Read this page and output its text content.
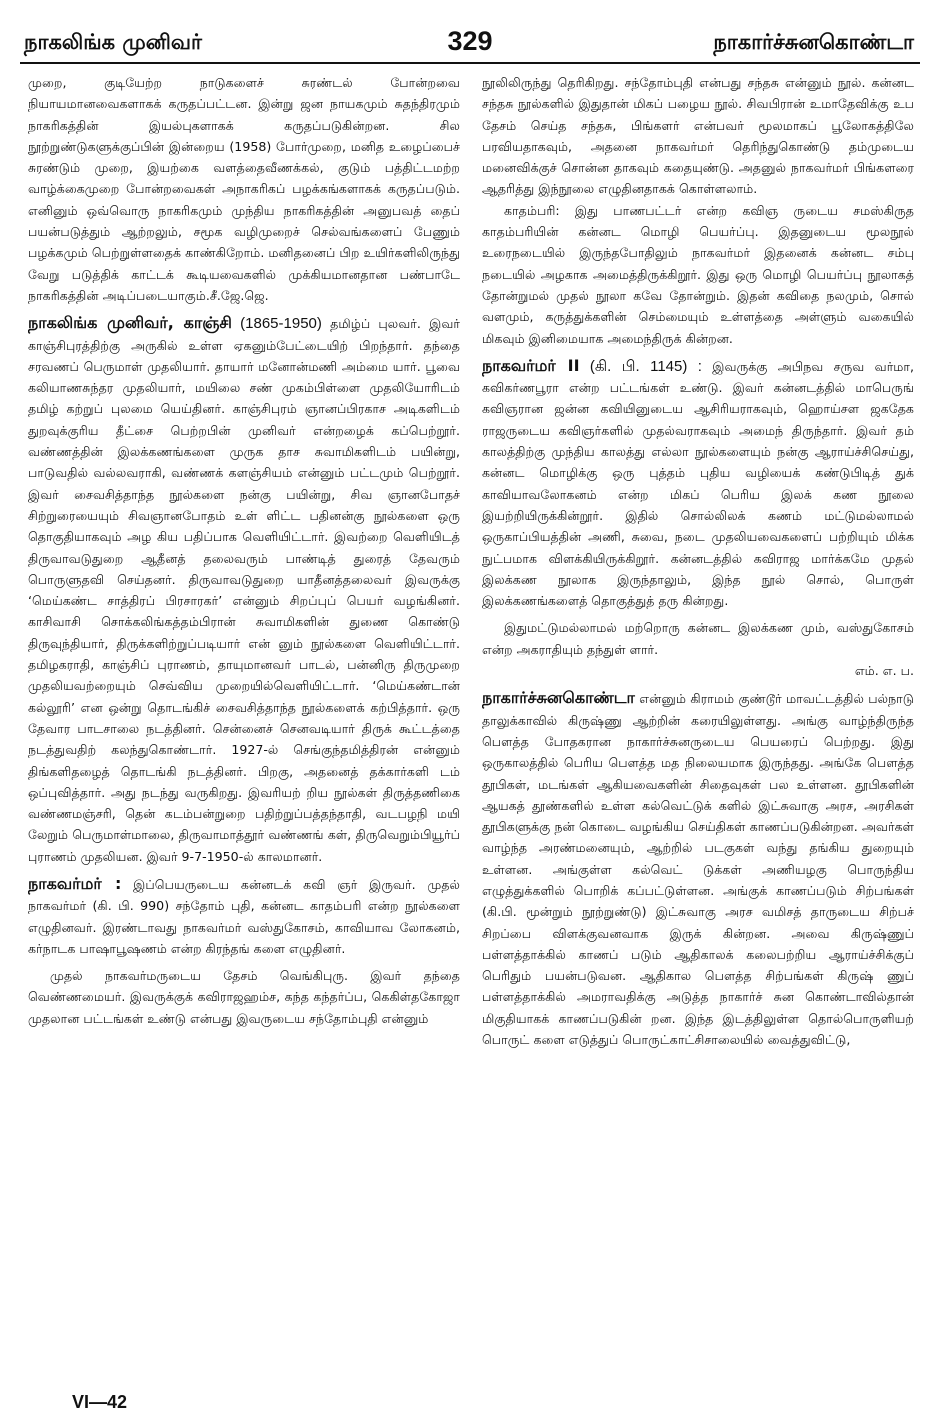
நாகலிங்க முனிவர்	329	நாகார்ச்சுனகொண்டா

முறை, குடியேற்ற நாடுகளைச் சுரண்டல் போன்றவை நியாயமானவைகளாகக் கருதப்பட்டன. இன்று ஜன நாயகமும் சுதந்திரமும் நாகரிகத்தின் இயல்புகளாகக் கருதப்படுகின்றன. சில நூற்றுண்டுகளுக்குப்பின் இன்றைய (1958) போர்முறை, மனித உழைப்பைச் சுரண்டும் முறை, இயற்கை வளத்தைவீணக்கல், குடும் பத்திட்டமற்ற வாழ்க்கைமுறை போன்றவைகள் அநாகரிகப் பழக்கங்களாகக் கருதப்படும். எனினும் ஒவ்வொரு நாகரிகமும் முந்திய நாகரிகத்தின் அனுபவத் தைப் பயன்படுத்தும் ஆற்றலும், சமூக வழிமுறைச் செல்வங்களைப் பேணும் பழக்கமும் பெற்றுள்ளதைக் காண்கிறோம். மனிதனைப் பிற உயிர்களிலிருந்து வேறு படுத்திக் காட்டக் கூடியவைகளில் முக்கியமானதான பண்பாடே நாகரிகத்தின் அடிப்படையாகும்.சீ.ஜே.ஜெ.

நாகலிங்க முனிவர், காஞ்சி (1865-1950) தமிழ்ப் புலவர். இவர் காஞ்சிபுரத்திற்கு அருகில் உள்ள ஏகனும்பேட்டையிற் பிறந்தார். தந்தை சரவணப் பெருமாள் முதலியார். தாயார் மனோன்மணி அம்மை யார். பூவை கலியாணசுந்தர முதலியார், மயிலை சண் முகம்பிள்ளை முதலியோரிடம் தமிழ் கற்றுப் புலமை யெய்தினர். காஞ்சிபுரம் ஞானப்பிரகாச அடிகளிடம் துறவுக்குரிய தீட்சை பெற்றபின் முனிவர் என்றழைக் கப்பெற்றூர். வண்ணத்தின் இலக்கணங்களை முருக தாச சுவாமிகளிடம் பயின்று, பாடுவதில் வல்லவராகி, வண்ணக் களஞ்சியம் என்னும் பட்டமும் பெற்றூர். இவர் சைவசித்தாந்த நூல்களை நன்கு பயின்று, சிவ ஞானபோதச் சிற்றுரையையும் சிவஞானபோதம் உள் ளிட்ட பதினன்கு நூல்களை ஒரு தொகுதியாகவும் அழ கிய பதிப்பாக வெளியிட்டார். இவற்றை வெளியிடத் திருவாவடுதுறை ஆதீனத் தலைவரும் பாண்டித் துரைத் தேவரும் பொருளுதவி செய்தனர். திருவாவடுதுறை யாதீனத்தலைவர் இவருக்கு ‘மெய்கண்ட சாத்திரப் பிரசாரகர்’ என்னும் சிறப்புப் பெயர் வழங்கினர். காசிவாசி சொக்கலிங்கத்தம்பிரான் சுவாமிகளின் துணை கொண்டு திருவுந்தியார், திருக்களிற்றுப்படியார் என் னும் நூல்களை வெளியிட்டார். தமிழகராதி, காஞ்சிப் புராணம், தாயுமானவர் பாடல், பன்னிரு திருமுறை முதலியவற்றையும் செவ்விய முறையில்வெளியிட்டார். ‘மெய்கண்டான் கல்லூரி’ என ஒன்று தொடங்கிச் சைவசித்தாந்த நூல்களைக் கற்பித்தார். ஒரு தேவார பாடசாலை நடத்தினர். சென்னைச் செனவடியார் திருக் கூட்டத்தை நடத்துவதிற் கலந்துகொண்டார். 1927-ல் செங்குந்தமித்திரன் என்னும் திங்களிதழைத் தொடங்கி நடத்தினர். பிறகு, அதனைத் தக்கார்களி டம் ஒப்புவித்தார். அது நடந்து வருகிறது. இவரியற் றிய நூல்கள் திருத்தணிகை வண்ணமஞ்சரி, தென் கடம்பன்றுறை பதிற்றுப்பத்தந்தாதி, வடபழநி மயி லேறும் பெருமாள்மாலை, திருவாமாத்தூர் வண்ணங் கள், திருவெறும்பியூர்ப் புராணம் முதலியன. இவர் 9-7-1950-ல் காலமானர்.

நாகவர்மர் : இப்பெயருடைய கன்னடக் கவி ஞர் இருவர். முதல் நாகவர்மர் (கி. பி. 990) சந்தோம் புதி, கன்னட காதம்பரி என்ற நூல்களை எழுதினவர். இரண்டாவது நாகவர்மர் வஸ்துகோசம், காவியாவ லோகனம், கர்நாடக பாஷாபூஷணம் என்ற கிரந்தங் களை எழுதினர்.

முதல் நாகவர்மருடைய தேசம் வெங்கிபுரு. இவர் தந்தை வெண்ணமையர். இவருக்குக் கவிராஜஹம்ச, கந்த கந்தர்ப்ப, கெகிள்தகோஜா முதலான பட்டங்கள் உண்டு என்பது இவருடைய சந்தோம்புதி என்னும்

நூலிலிருந்து தெரிகிறது. சந்தோம்புதி என்பது சந்தசு என்னும் நூல். கன்னட சந்தசு நூல்களில் இதுதான் மிகப் பழைய நூல். சிவபிரான் உமாதேவிக்கு உப தேசம் செய்த சந்தசு, பிங்களர் என்பவர் மூலமாகப் பூலோகத்திலே பரவியதாகவும், அதனை நாகவர்மர் தெரிந்துகொண்டு தம்முடைய மனைவிக்குச் சொன்ன தாகவும் கதையுண்டு. அதனுல் நாகவர்மர் பிங்களரை ஆதரித்து இந்நூலை எழுதினதாகக் கொள்ளலாம்.

காதம்பரி: இது பாணபட்டர் என்ற கவிஞ ருடைய சமஸ்கிருத காதம்பரியின் கன்னட மொழி பெயர்ப்பு. இதனுடைய மூலநூல் உரைநடையில் இருந்தபோதிலும் நாகவர்மர் இதனைக் கன்னட சம்பு நடையில் அழகாக அமைத்திருக்கிறூர். இது ஒரு மொழி பெயர்ப்பு நூலாகத் தோன்றுமல் முதல் நூலா கவே தோன்றும். இதன் கவிதை நலமும், சொல் வளமும், கருத்துக்களின் செம்மையும் உள்ளத்தை அள்ளும் வகையில் மிகவும் இனிமையாக அமைந்திருக் கின்றன.

நாகவர்மர் II (கி. பி. 1145) : இவருக்கு அபிநவ சருவ வர்மா, கவிகர்ணபூரா என்ற பட்டங்கள் உண்டு. இவர் கன்னடத்தில் மாபெருங் கவிஞரான ஜன்ன கவியினுடைய ஆசிரியராகவும், ஹொய்சள ஜகதேக ராஜருடைய கவிஞர்களில் முதல்வராகவும் அமைந் திருந்தார். இவர் தம் காலத்திற்கு முந்திய காலத்து எல்லா நூல்களையும் நன்கு ஆராய்ச்சிசெய்து, கன்னட மொழிக்கு ஒரு புத்தம் புதிய வழியைக் கண்டுபிடித் துக் காவியாவலோகனம் என்ற மிகப் பெரிய இலக் கண நூலை இயற்றியிருக்கின்றூர். இதில் சொல்லிலக் கணம் மட்டுமல்லாமல் ஒருகாப்பியத்தின் அணி, சுவை, நடை முதலியவைகளைப் பற்றியும் மிக்க நுட்பமாக விளக்கியிருக்கிறூர். கன்னடத்தில் கவிராஜ மார்க்கமே முதல் இலக்கண நூலாக இருந்தாலும், இந்த நூல் சொல், பொருள் இலக்கணங்களைத் தொகுத்துத் தரு கின்றது.

இதுமட்டுமல்லாமல் மற்றொரு கன்னட இலக்கண மும், வஸ்துகோசம் என்ற அகராதியும் தந்துள் ளார்.
எம். எ. ப.

நாகார்ச்சுனகொண்டா என்னும் கிராமம் குண்டூர் மாவட்டத்தில் பல்நாடு தாலுக்காவில் கிருஷ்ணு ஆற்றின் கரையிலுள்ளது. அங்கு வாழ்ந்திருந்த பௌத்த போதகரான நாகார்ச்சுனருடைய பெயரைப் பெற்றது. இது ஒருகாலத்தில் பெரிய பௌத்த மத நிலையமாக இருந்தது. அங்கே பௌத்த தூபிகள், மடங்கள் ஆகியவைகளின் சிதைவுகள் பல உள்ளன. தூபிகளின் ஆயகத் தூண்களில் உள்ள கல்வெட்டுக் களில் இட்சுவாகு அரச, அரசிகள் தூபிகளுக்கு நன் கொடை வழங்கிய செய்திகள் காணப்படுகின்றன. அவர்கள் வாழ்ந்த அரண்மனையும், ஆற்றில் படகுகள் வந்து தங்கிய துறையும் உள்ளன. அங்குள்ள கல்வெட் டுக்கள் அணியழகு பொருந்திய எழுத்துக்களில் பொறிக் கப்பட்டுள்ளன. அங்குக் காணப்படும் சிற்பங்கள் (கி.பி. மூன்றும் நூற்றுண்டு) இட்சுவாகு அரச வமிசத் தாருடைய சிற்பச் சிறப்பை விளக்குவனவாக இருக் கின்றன. அவை கிருஷ்ணுப் பள்ளத்தாக்கில் காணப் படும் ஆதிகாலக் கலைபற்றிய ஆராய்ச்சிக்குப் பெரிதும் பயன்படுவன. ஆதிகால பௌத்த சிற்பங்கள் கிருஷ் ணுப் பள்ளத்தாக்கில் அமராவதிக்கு அடுத்த நாகார்ச் சுன கொண்டாவில்தான் மிகுதியாகக் காணப்படுகின் றன. இந்த இடத்திலுள்ள தொல்பொருளியற் பொருட் களை எடுத்துப் பொருட்காட்சிசாலையில் வைத்துவிட்டு,

VI—42
